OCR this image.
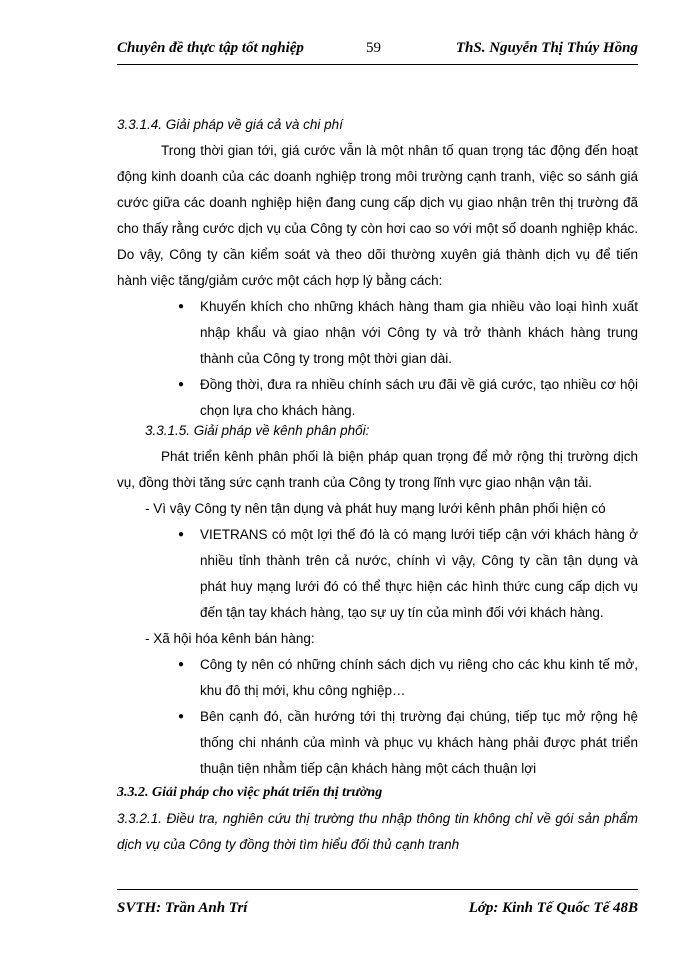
Chuyên đề thực tập tốt nghiệp	59	ThS. Nguyễn Thị Thúy Hồng
3.3.1.4. Giải pháp về giá cả và chi phí
Trong thời gian tới, giá cước vẫn là một nhân tố quan trọng tác động đến hoạt động kinh doanh của các doanh nghiệp trong môi trường cạnh tranh, việc so sánh giá cước giữa các doanh nghiệp hiện đang cung cấp dịch vụ giao nhận trên thị trường đã cho thấy rằng cước dịch vụ của Công ty còn hơi cao so với một số doanh nghiệp khác. Do vậy, Công ty cần kiểm soát và theo dõi thường xuyên giá thành dịch vụ để tiến hành việc tăng/giảm cước một cách hợp lý bằng cách:
● Khuyến khích cho những khách hàng tham gia nhiều vào loại hình xuất nhập khẩu và giao nhận với Công ty và trở thành khách hàng trung thành của Công ty trong một thời gian dài.
● Đồng thời, đưa ra nhiều chính sách ưu đãi về giá cước, tạo nhiều cơ hội chọn lựa cho khách hàng.
3.3.1.5. Giải pháp về kênh phân phối:
Phát triển kênh phân phối là biện pháp quan trọng để mở rộng thị trường dịch vụ, đồng thời tăng sức cạnh tranh của Công ty trong lĩnh vực giao nhận vận tải.
- Vì vậy Công ty nên tận dụng và phát huy mạng lưới kênh phân phối hiện có
● VIETRANS có một lợi thế đó là có mạng lưới tiếp cận với khách hàng ở nhiều tỉnh thành trên cả nước, chính vì vậy, Công ty cần tận dụng và phát huy mạng lưới đó có thể thực hiện các hình thức cung cấp dịch vụ đến tận tay khách hàng, tạo sự uy tín của mình đối với khách hàng.
- Xã hội hóa kênh bán hàng:
● Công ty nên có những chính sách dịch vụ riêng cho các khu kinh tế mở, khu đô thị mới, khu công nghiệp…
● Bên cạnh đó, cần hướng tới thị trường đại chúng, tiếp tục mở rộng hệ thống chi nhánh của mình và phục vụ khách hàng phải được phát triển thuận tiện nhằm tiếp cận khách hàng một cách thuận lợi
3.3.2. Giải pháp cho việc phát triển thị trường
3.3.2.1. Điều tra, nghiên cứu thị trường thu nhập thông tin không chỉ về gói sản phẩm dịch vụ của Công ty đồng thời tìm hiểu đối thủ cạnh tranh
SVTH: Trần Anh Trí	Lớp: Kinh Tế Quốc Tế 48B
